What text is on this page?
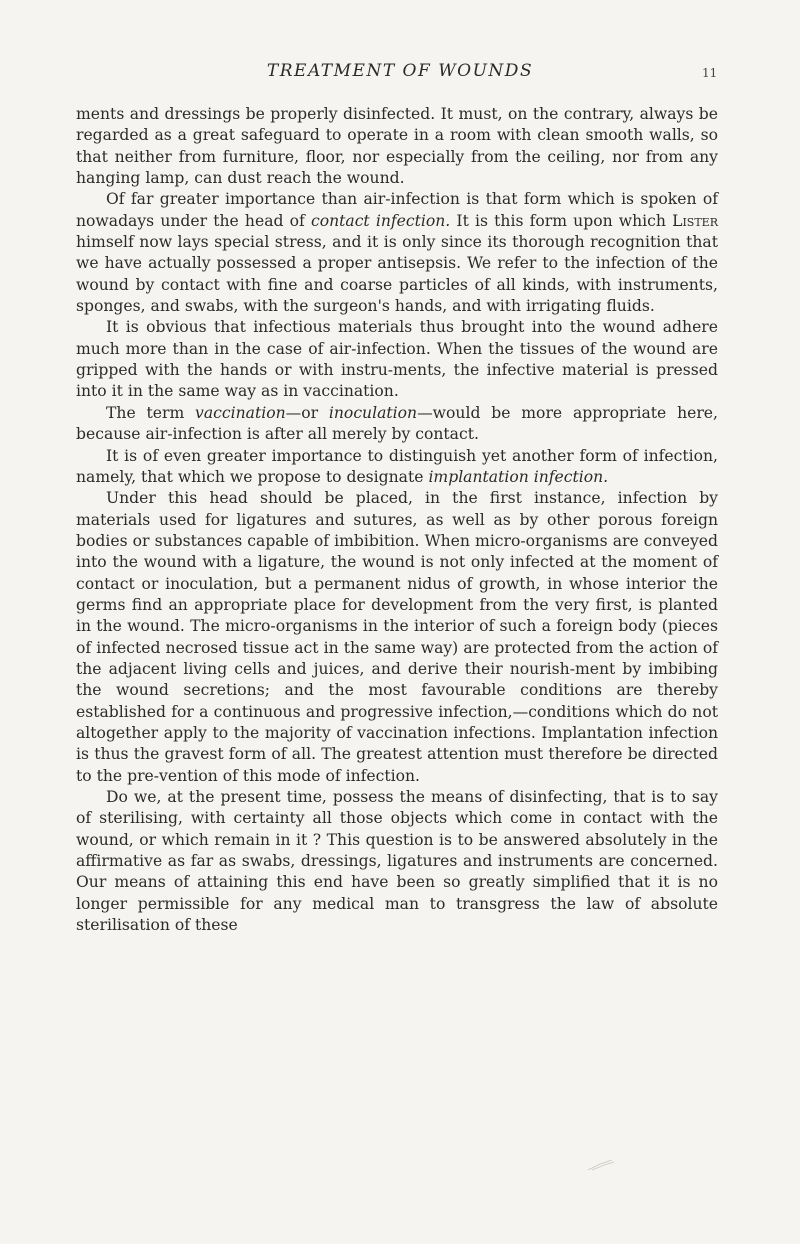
TREATMENT OF WOUNDS	11

ments and dressings be properly disinfected. It must, on the contrary, always be regarded as a great safeguard to operate in a room with clean smooth walls, so that neither from furniture, floor, nor especially from the ceiling, nor from any hanging lamp, can dust reach the wound.

Of far greater importance than air-infection is that form which is spoken of nowadays under the head of contact infection. It is this form upon which Lister himself now lays special stress, and it is only since its thorough recognition that we have actually possessed a proper antisepsis. We refer to the infection of the wound by contact with fine and coarse particles of all kinds, with instruments, sponges, and swabs, with the surgeon's hands, and with irrigating fluids.

It is obvious that infectious materials thus brought into the wound adhere much more than in the case of air-infection. When the tissues of the wound are gripped with the hands or with instru-ments, the infective material is pressed into it in the same way as in vaccination.

The term vaccination—or inoculation—would be more appropriate here, because air-infection is after all merely by contact.

It is of even greater importance to distinguish yet another form of infection, namely, that which we propose to designate implantation infection.

Under this head should be placed, in the first instance, infection by materials used for ligatures and sutures, as well as by other porous foreign bodies or substances capable of imbibition. When micro-organisms are conveyed into the wound with a ligature, the wound is not only infected at the moment of contact or inoculation, but a permanent nidus of growth, in whose interior the germs find an appropriate place for development from the very first, is planted in the wound. The micro-organisms in the interior of such a foreign body (pieces of infected necrosed tissue act in the same way) are protected from the action of the adjacent living cells and juices, and derive their nourish-ment by imbibing the wound secretions; and the most favourable conditions are thereby established for a continuous and progressive infection,—conditions which do not altogether apply to the majority of vaccination infections. Implantation infection is thus the gravest form of all. The greatest attention must therefore be directed to the pre-vention of this mode of infection.

Do we, at the present time, possess the means of disinfecting, that is to say of sterilising, with certainty all those objects which come in contact with the wound, or which remain in it ? This question is to be answered absolutely in the affirmative as far as swabs, dressings, ligatures and instruments are concerned. Our means of attaining this end have been so greatly simplified that it is no longer permissible for any medical man to transgress the law of absolute sterilisation of these
